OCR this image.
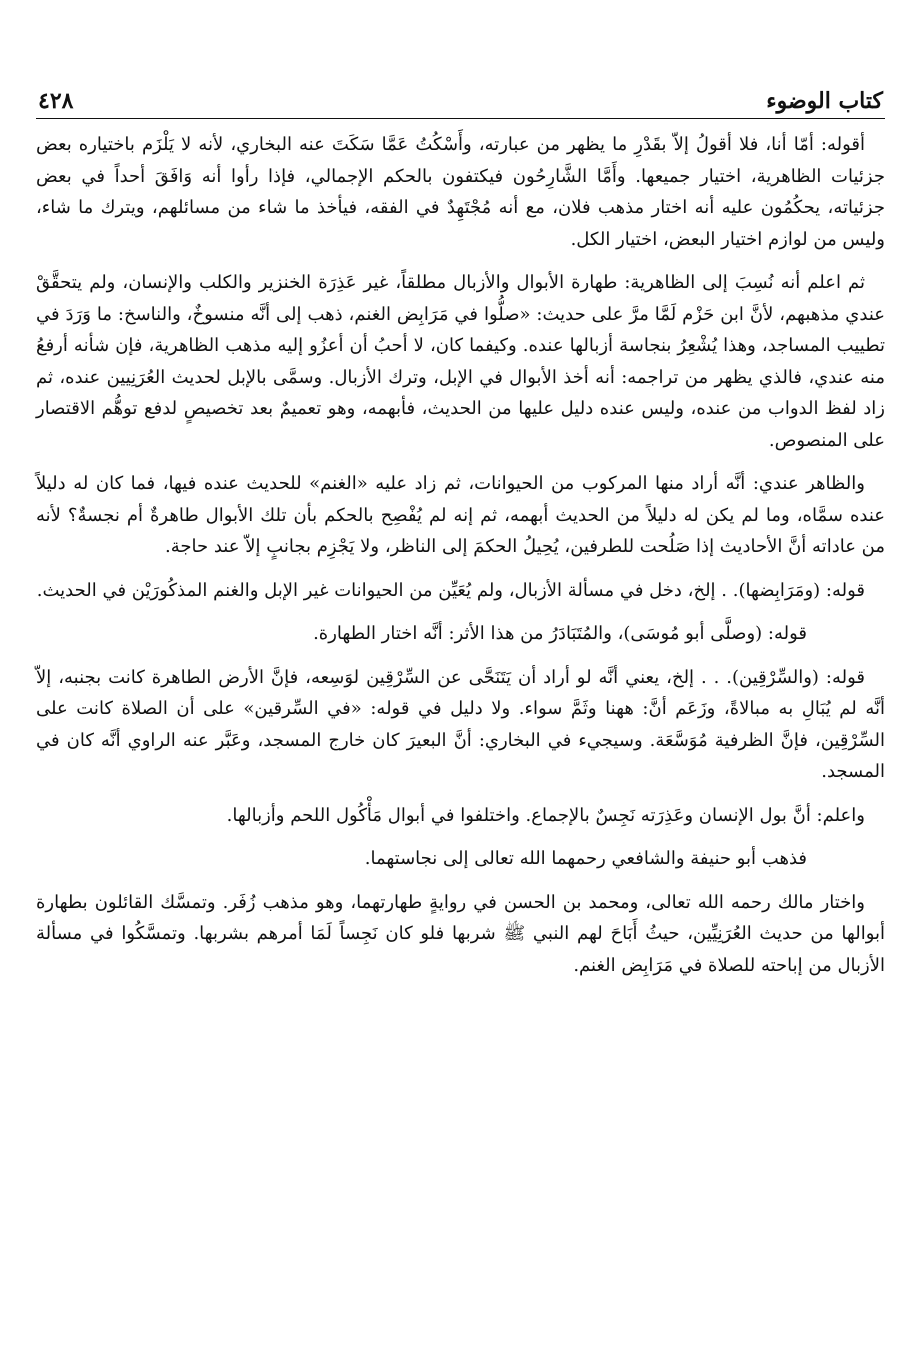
كتاب الوضوء
٤٢٨

أقوله: أمّا أنا، فلا أقولُ إلاّ بقَدْرِ ما يظهر من عبارته، وأَسْكُتُ عَمَّا سَكَتَ عنه البخاري، لأنه لا يَلْزَم باختياره بعض جزئيات الظاهرية، اختيار جميعها. وأَمَّا الشَّارِحُون فيكتفون بالحكم الإجمالي، فإذا رأوا أنه وَافَقَ أحداً في بعض جزئياته، يحكُمُون عليه أنه اختار مذهب فلان، مع أنه مُجْتَهِدٌ في الفقه، فيأخذ ما شاء من مسائلهم، ويترك ما شاء، وليس من لوازم اختيار البعض، اختيار الكل.

ثم اعلم أنه نُسِبَ إلى الظاهرية: طهارة الأبوال والأزبال مطلقاً، غير عَذِرَة الخنزير والكلب والإنسان، ولم يتحقَّقْ عندي مذهبهم، لأنَّ ابن حَزْم لَمَّا مرَّ على حديث: «صلُّوا في مَرَابِض الغنم، ذهب إلى أنَّه منسوخٌ، والناسخ: ما وَرَدَ في تطييب المساجد، وهذا يُشْعِرُ بنجاسة أزبالها عنده. وكيفما كان، لا أحبُ أن أعزُو إليه مذهب الظاهرية، فإن شأنه أرفعُ منه عندي، فالذي يظهر من تراجمه: أنه أخذ الأبوال في الإبل، وترك الأزبال. وسمَّى بالإبل لحديث العُرَنِيين عنده، ثم زاد لفظ الدواب من عنده، وليس عنده دليل عليها من الحديث، فأبهمه، وهو تعميمٌ بعد تخصيصٍ لدفع توهُّم الاقتصار على المنصوص.

والظاهر عندي: أنَّه أراد منها المركوب من الحيوانات، ثم زاد عليه «الغنم» للحديث عنده فيها، فما كان له دليلاً عنده سمَّاه، وما لم يكن له دليلاً من الحديث أبهمه، ثم إنه لم يُفْصِح بالحكم بأن تلك الأبوال طاهرةٌ أم نجسةٌ؟ لأنه من عاداته أنَّ الأحاديث إذا صَلُحت للطرفين، يُحِيلُ الحكمَ إلى الناظر، ولا يَجْزِم بجانبٍ إلاّ عند حاجة.

قوله: (ومَرَابِضها). . إلخ، دخل في مسألة الأزبال، ولم يُعَيِّن من الحيوانات غير الإبل والغنم المذكُورَيْن في الحديث.

قوله: (وصلَّى أبو مُوسَى)، والمُتَبَادَرُ من هذا الأثر: أنَّه اختار الطهارة.

قوله: (والسِّرْقِين). . . إلخ، يعني أنَّه لو أراد أن يَتَنَحَّى عن السِّرْقِين لوَسِعه، فإنَّ الأرض الطاهرة كانت بجنبه، إلاّ أنَّه لم يُبَالِ به مبالاةً، وزَعَم أنَّ: ههنا وثَمَّ سواء. ولا دليل في قوله: «في السِّرقين» على أن الصلاة كانت على السِّرْقِين، فإنَّ الظرفية مُوَسَّعَة. وسيجيء في البخاري: أنَّ البعيرَ كان خارج المسجد، وعَبَّر عنه الراوي أنَّه كان في المسجد.

واعلم: أنَّ بول الإنسان وعَذِرَته نَجِسٌ بالإجماع. واختلفوا في أبوال مَأْكُول اللحم وأزبالها.

فذهب أبو حنيفة والشافعي رحمهما الله تعالى إلى نجاستهما.

واختار مالك رحمه الله تعالى، ومحمد بن الحسن في روايةٍ طهارتهما، وهو مذهب زُفَر. وتمسَّك القائلون بطهارة أبوالها من حديث العُرَنِيِّين، حيثُ أَبَاحَ لهم النبي ﷺ شربها فلو كان نَجِساً لَمَا أمرهم بشربها. وتمسَّكُوا في مسألة الأزبال من إباحته للصلاة في مَرَابِض الغنم.
